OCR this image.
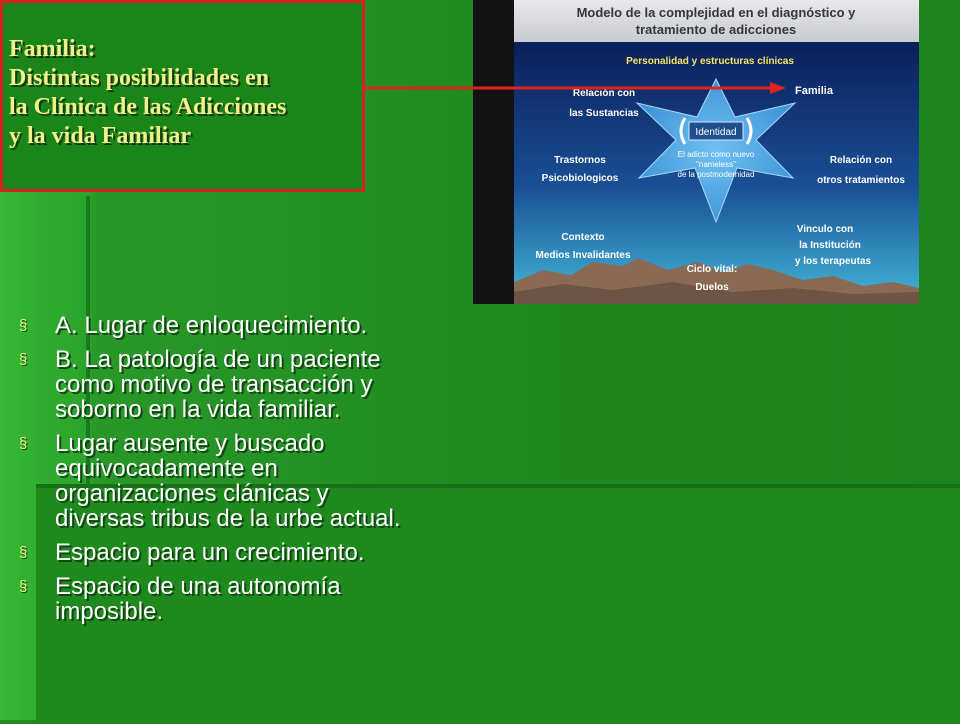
Familia:
Distintas posibilidades en
la Clínica de las Adicciones
y la vida Familiar
Modelo de la complejidad en el diagnóstico y
tratamiento de adicciones
Personalidad y estructuras clínicas
Familia
Relación con
las Sustancias
Identidad
El adicto como nuevo
"nameless"
de la postmodernidad
Trastornos
Psicobiologicos
Relación con
otros tratamientos
Contexto
Medios Invalidantes
Vinculo con
la Institución
y los terapeutas
Ciclo vital:
Duelos
§ A. Lugar de enloquecimiento.
§ B. La patología de un paciente
como motivo de transacción y
soborno en la vida familiar.
§ Lugar ausente y buscado
equivocadamente en
organizaciones clánicas y
diversas tribus de la urbe actual.
§ Espacio para un crecimiento.
§ Espacio de una autonomía
imposible.
